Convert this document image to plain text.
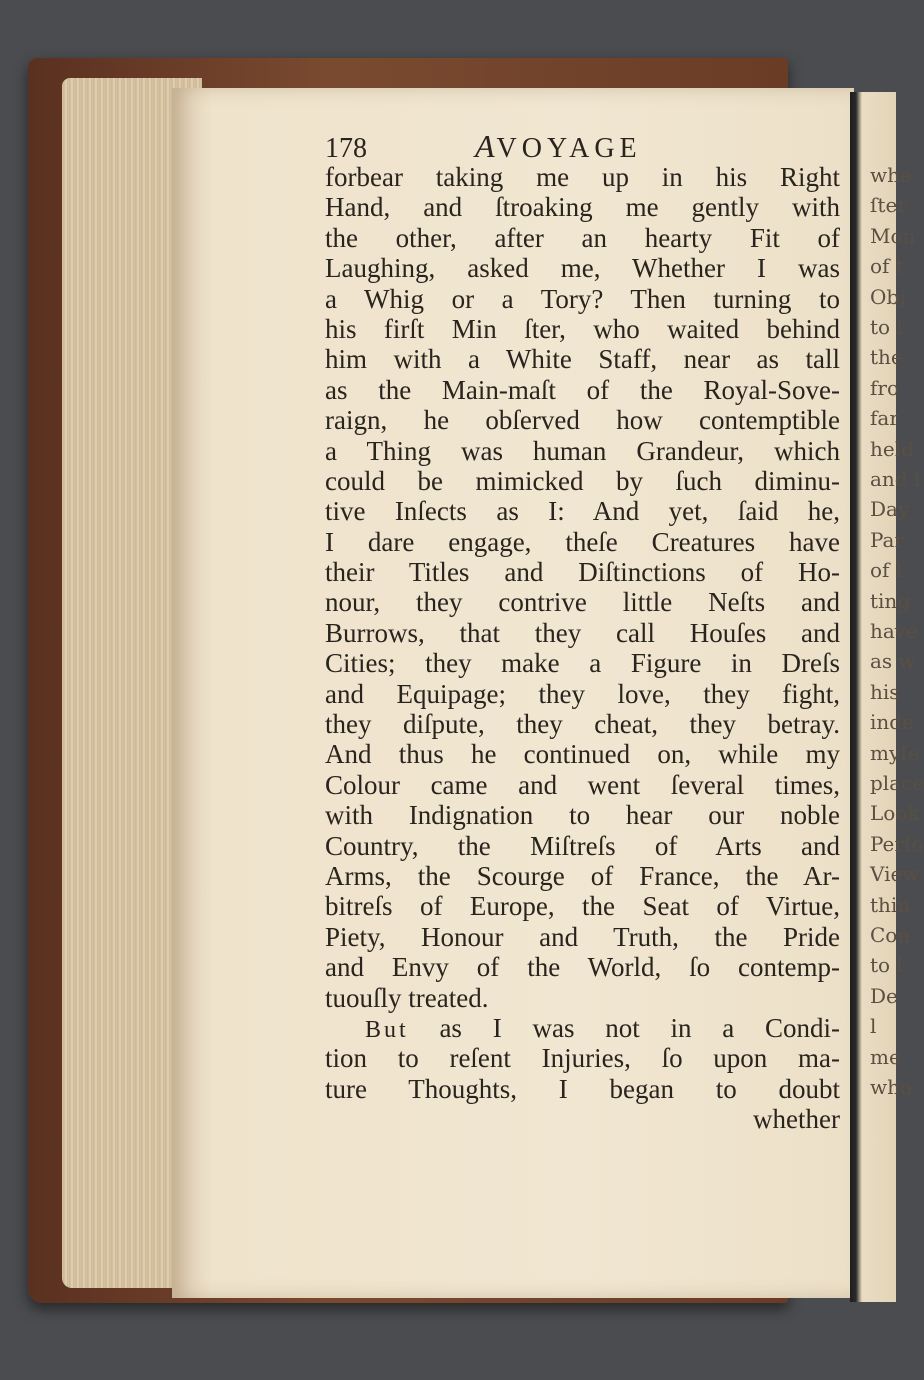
178	AVOYAGE
forbear taking me up in his Right
Hand, and ſtroaking me gently with
the other, after an hearty Fit of
Laughing, asked me, Whether I was
a Whig or a Tory? Then turning to
his firſt Min ſter, who waited behind
him with a White Staff, near as tall
as the Main-maſt of the Royal-Sove-
raign, he obſerved how contemptible
a Thing was human Grandeur, which
could be mimicked by ſuch diminu-
tive Inſects as I: And yet, ſaid he,
I dare engage, theſe Creatures have
their Titles and Diſtinctions of Ho-
nour, they contrive little Neſts and
Burrows, that they call Houſes and
Cities; they make a Figure in Dreſs
and Equipage; they love, they fight,
they diſpute, they cheat, they betray.
And thus he continued on, while my
Colour came and went ſeveral times,
with Indignation to hear our noble
Country, the Miſtreſs of Arts and
Arms, the Scourge of France, the Ar-
bitreſs of Europe, the Seat of Virtue,
Piety, Honour and Truth, the Pride
and Envy of the World, ſo contemp-
tuouſly treated.
But as I was not in a Condi-
tion to reſent Injuries, ſo upon ma-
ture Thoughts, I began to doubt
whether
whe
ſter
Mon
of t
Obj
to l
the
fro
far
held
and l
Day
Par
of l
ting
have
as w
his
inde
myſe
place
Look
Perſo
View
thin
Con
to l
De
l
me
who
